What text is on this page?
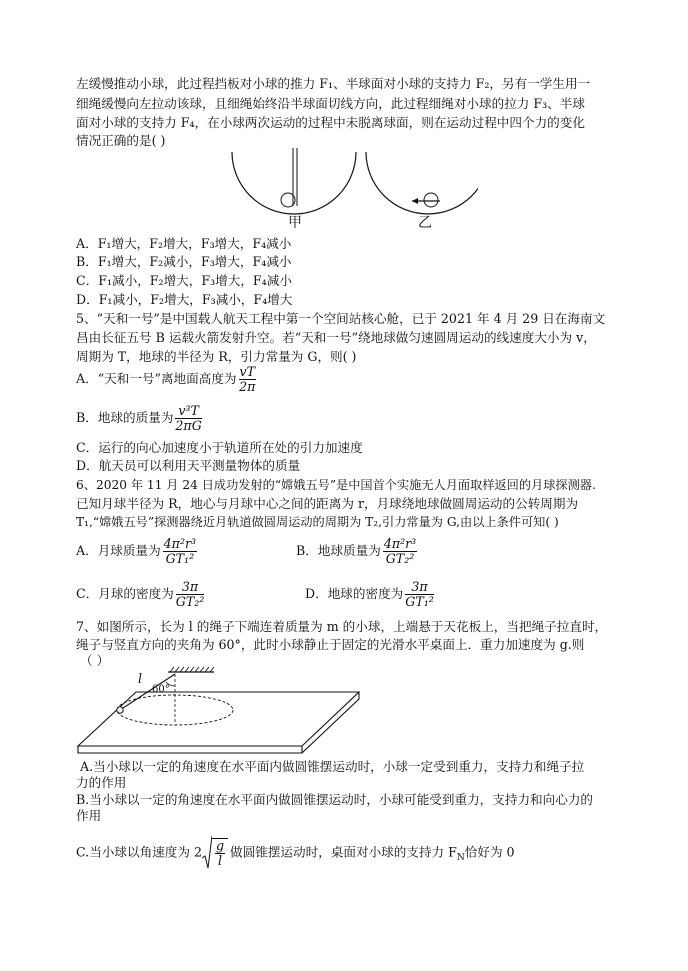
左缓慢推动小球，此过程挡板对小球的推力 F₁、半球面对小球的支持力 F₂，另有一学生用一
细绳缓慢向左拉动该球，且细绳始终沿半球面切线方向，此过程细绳对小球的拉力 F₃、半球
面对小球的支持力 F₄，在小球两次运动的过程中未脱离球面，则在运动过程中四个力的变化
情况正确的是( )
甲	乙
A．F₁增大，F₂增大，F₃增大，F₄减小
B．F₁增大，F₂减小，F₃增大，F₄减小
C．F₁减小，F₂增大，F₃增大，F₄减小
D．F₁减小，F₂增大，F₃减小，F₄增大
5、“天和一号”是中国载人航天工程中第一个空间站核心舱，已于 2021 年 4 月 29 日在海南文
昌由长征五号 B 运载火箭发射升空。若“天和一号”绕地球做匀速圆周运动的线速度大小为 v，
周期为 T，地球的半径为 R，引力常量为 G，则( )
A．“天和一号”离地面高度为 $\frac{vT}{2\pi}$
B．地球的质量为 $\frac{\text{v³T}}{2\pi G}$
C．运行的向心加速度小于轨道所在处的引力加速度
D．航天员可以利用天平测量物体的质量
6、2020 年 11 月 24 日成功发射的“嫦娥五号”是中国首个实施无人月面取样返回的月球探测器.
已知月球半径为 R，地心与月球中心之间的距离为 r，月球绕地球做圆周运动的公转周期为
T₁,“嫦娥五号”探测器绕近月轨道做圆周运动的周期为 T₂,引力常量为 G,由以上条件可知( )
A．月球质量为 $\frac{\text{4π²r³}}{\text{GT₁²}}$	B．地球质量为 $\frac{\text{4π²r³}}{\text{GT₂²}}$
C．月球的密度为 $\frac{3\pi}{\text{GT₂²}}$	D．地球的密度为 $\frac{3\pi}{\text{GT₁²}}$
7、如图所示，长为 l 的绳子下端连着质量为 m 的小球，上端悬于天花板上，当把绳子拉直时，
绳子与竖直方向的夹角为 60°，此时小球静止于固定的光滑水平桌面上．重力加速度为 g.则
（ ）
l
60°
A.当小球以一定的角速度在水平面内做圆锥摆运动时，小球一定受到重力，支持力和绳子拉
力的作用
B.当小球以一定的角速度在水平面内做圆锥摆运动时，小球可能受到重力，支持力和向心力的
作用
C.当小球以角速度为 $2 \frac{g}{l}$ 做圆锥摆运动时，桌面对小球的支持力 $F_N$恰好为 0
